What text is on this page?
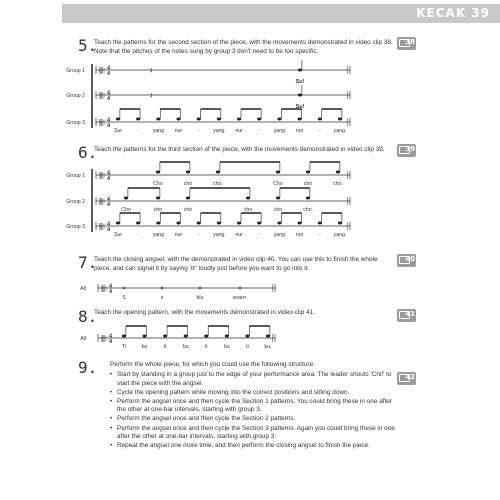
KECAK 39
5.
Teach the patterns for the second section of the piece, with the movements demonstrated in video clip 38. Note that the pitches of the notes sung by group 3 don't need to be too specific.
38
||: 4
4
Group 1
||: 4
4
Group 2
||: 4
4
Group 3
𝄽
Su!
𝄽
Su!
Sur	-	yang nur	-	yang nur	-	yang nur	- yang.
6.
Teach the patterns for the third section of the piece, with the movements demonstrated in video clip 39.	39
||: 4
4
Group 1
||: 4
4
Group 2
||: 4
4
Group 3
Cho	cho	cho.	Cho	cho	cho.
Cho	cho	cho	cho	cho	cho.
Sur	-	yang nur	-	yang nur	-	yang nur	- yang.
7.
Teach the closing angsel, with the demonstrated in video clip 40. You can use this to finish the whole piece, and can signal it by saying 'it!' loudly just before you want to go into it.
40
||: 4
4
All	×	×	×	×
S	s	blu	searrr.
8.
Teach the opening pattern, with the movements demonstrated in video clip 41.	41
||: 4
4
All
Ti	bu	ti	bu	ti	bu	ti	bu.
9. Perform the whole piece, for which you could use the following structure:
42
• Start by standing in a group just to the edge of your performance area. The leader shouts 'Chi!' to start the piece with the angsel.
• Cycle the opening pattern while moving into the correct positions and sitting down.
• Perform the angsel once and then cycle the Section 1 patterns. You could bring these in one after the other at one-bar intervals, starting with group 3.
• Perform the angsel once and then cycle the Section 2 patterns.
• Perform the angsel once and then cycle the Section 3 patterns. Again you could bring these in one after the other at one-bar intervals, starting with group 3.
• Repeat the angsel one more time, and then perform the closing angsel to finish the piece.
